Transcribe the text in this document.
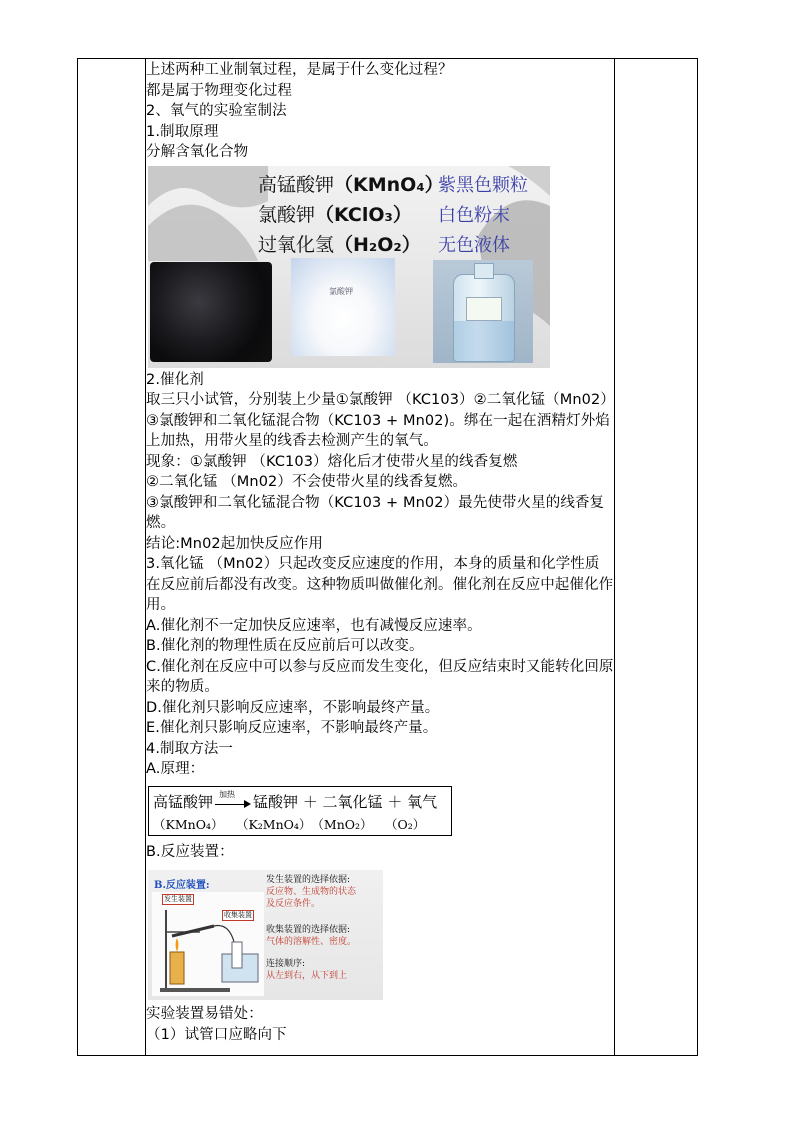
上述两种工业制氧过程，是属于什么变化过程？
都是属于物理变化过程
2、氧气的实验室制法
1.制取原理
分解含氧化合物
高锰酸钾（KMnO₄）
紫黑色颗粒
氯酸钾（KClO₃） 白色粉末
过氧化氢（H₂O₂） 无色液体
氯酸钾
2.催化剂
取三只小试管，分别装上少量①氯酸钾 （KC103）②二氧化锰（Mn02）③氯酸钾和二氧化锰混合物（KC103 + Mn02)。绑在一起在酒精灯外焰上加热，用带火星的线香去检测产生的氧气。
现象：①氯酸钾 （KC103）熔化后才使带火星的线香复燃
②二氧化锰 （Mn02）不会使带火星的线香复燃。
③氯酸钾和二氧化锰混合物（KC103 + Mn02）最先使带火星的线香复燃。
结论:Mn02起加快反应作用
3.氧化锰 （Mn02）只起改变反应速度的作用，本身的质量和化学性质在反应前后都没有改变。这种物质叫做催化剂。催化剂在反应中起催化作用。
A.催化剂不一定加快反应速率，也有减慢反应速率。
B.催化剂的物理性质在反应前后可以改变。
C.催化剂在反应中可以参与反应而发生变化，但反应结束时又能转化回原来的物质。
D.催化剂只影响反应速率，不影响最终产量。
E.催化剂只影响反应速率，不影响最终产量。
4.制取方法一
A.原理：
高锰酸钾 加热 锰酸钾 ＋ 二氧化锰 ＋ 氧气
（KMnO₄）　　（K₂MnO₄）　（MnO₂）　　（O₂）
B.反应装置：
B.反应装置:
发生装置
收集装置
发生装置的选择依据:
反应物、生成物的状态
及反应条件。
收集装置的选择依据:
气体的溶解性、密度。
连接顺序:
从左到右，从下到上
实验装置易错处：
（1）试管口应略向下
